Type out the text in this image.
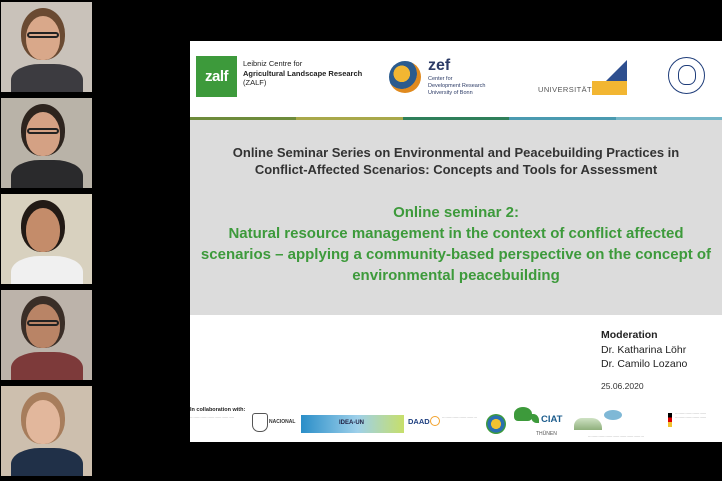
zalf
Leibniz Centre for
Agricultural Landscape Research
(ZALF)
zef
Center for
Development Research
University of Bonn	UNIVERSITÄTBONN
Online Seminar Series on Environmental and Peacebuilding Practices in Conflict-Affected Scenarios: Concepts and Tools for Assessment
Online seminar 2:
Natural resource management in the context of conflict affected scenarios – applying a community-based perspective on the concept of environmental peacebuilding
Moderation
Dr. Katharina Löhr
Dr. Camilo Lozano
25.06.2020
In collaboration with:
······································
NACIONAL	IDEA-UN	DAAD	······························	CIAT
THÜNEN	················································
··························· ···························
